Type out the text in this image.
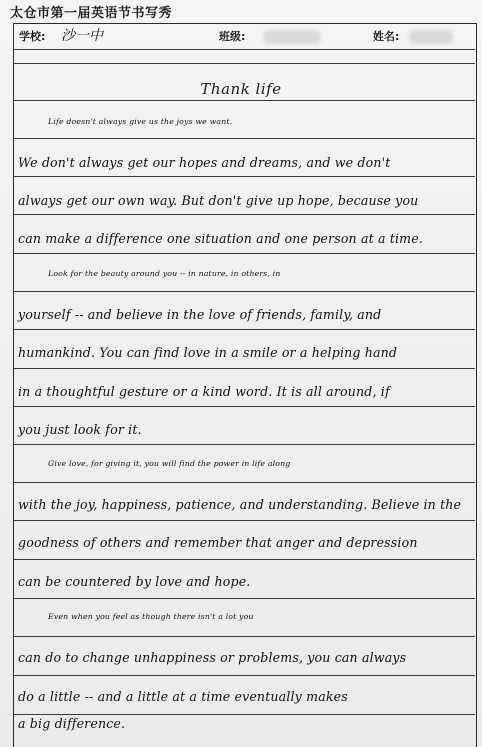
太仓市第一届英语节书写秀
学校: 沙一中	班级:	姓名:
Thank life
Life doesn't always give us the joys we want.
We don't always get our hopes and dreams, and we don't
always get our own way. But don't give up hope, because you
can make a difference one situation and one person at a time.
Look for the beauty around you -- in nature, in others, in
yourself -- and believe in the love of friends, family, and
humankind. You can find love in a smile or a helping hand
in a thoughtful gesture or a kind word. It is all around, if
you just look for it.
Give love, for giving it, you will find the power in life along
with the joy, happiness, patience, and understanding. Believe in the
goodness of others and remember that anger and depression
can be countered by love and hope.
Even when you feel as though there isn't a lot you
can do to change unhappiness or problems, you can always
do a little -- and a little at a time eventually makes
a big difference.
